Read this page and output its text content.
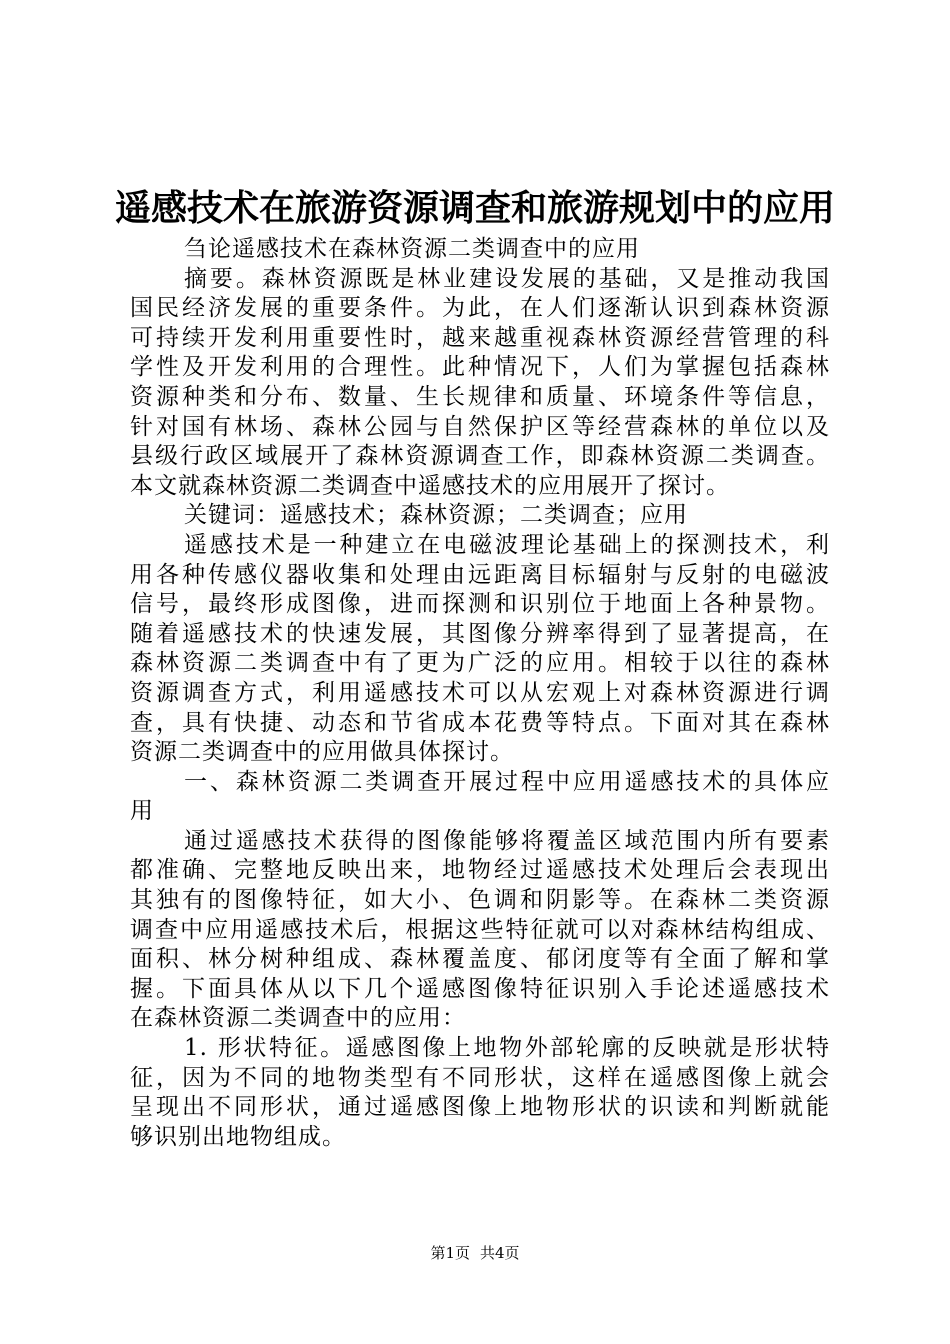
遥感技术在旅游资源调查和旅游规划中的应用
刍论遥感技术在森林资源二类调查中的应用
摘要。森林资源既是林业建设发展的基础，又是推动我国
国民经济发展的重要条件。为此，在人们逐渐认识到森林资源
可持续开发利用重要性时，越来越重视森林资源经营管理的科
学性及开发利用的合理性。此种情况下，人们为掌握包括森林
资源种类和分布、数量、生长规律和质量、环境条件等信息，
针对国有林场、森林公园与自然保护区等经营森林的单位以及
县级行政区域展开了森林资源调查工作，即森林资源二类调查。
本文就森林资源二类调查中遥感技术的应用展开了探讨。
关键词：遥感技术；森林资源；二类调查；应用
遥感技术是一种建立在电磁波理论基础上的探测技术，利
用各种传感仪器收集和处理由远距离目标辐射与反射的电磁波
信号，最终形成图像，进而探测和识别位于地面上各种景物。
随着遥感技术的快速发展，其图像分辨率得到了显著提高，在
森林资源二类调查中有了更为广泛的应用。相较于以往的森林
资源调查方式，利用遥感技术可以从宏观上对森林资源进行调
查，具有快捷、动态和节省成本花费等特点。下面对其在森林
资源二类调查中的应用做具体探讨。
一、森林资源二类调查开展过程中应用遥感技术的具体应
用
通过遥感技术获得的图像能够将覆盖区域范围内所有要素
都准确、完整地反映出来，地物经过遥感技术处理后会表现出
其独有的图像特征，如大小、色调和阴影等。在森林二类资源
调查中应用遥感技术后，根据这些特征就可以对森林结构组成、
面积、林分树种组成、森林覆盖度、郁闭度等有全面了解和掌
握。下面具体从以下几个遥感图像特征识别入手论述遥感技术
在森林资源二类调查中的应用：
1. 形状特征。遥感图像上地物外部轮廓的反映就是形状特
征，因为不同的地物类型有不同形状，这样在遥感图像上就会
呈现出不同形状，通过遥感图像上地物形状的识读和判断就能
够识别出地物组成。
第1页 共4页
